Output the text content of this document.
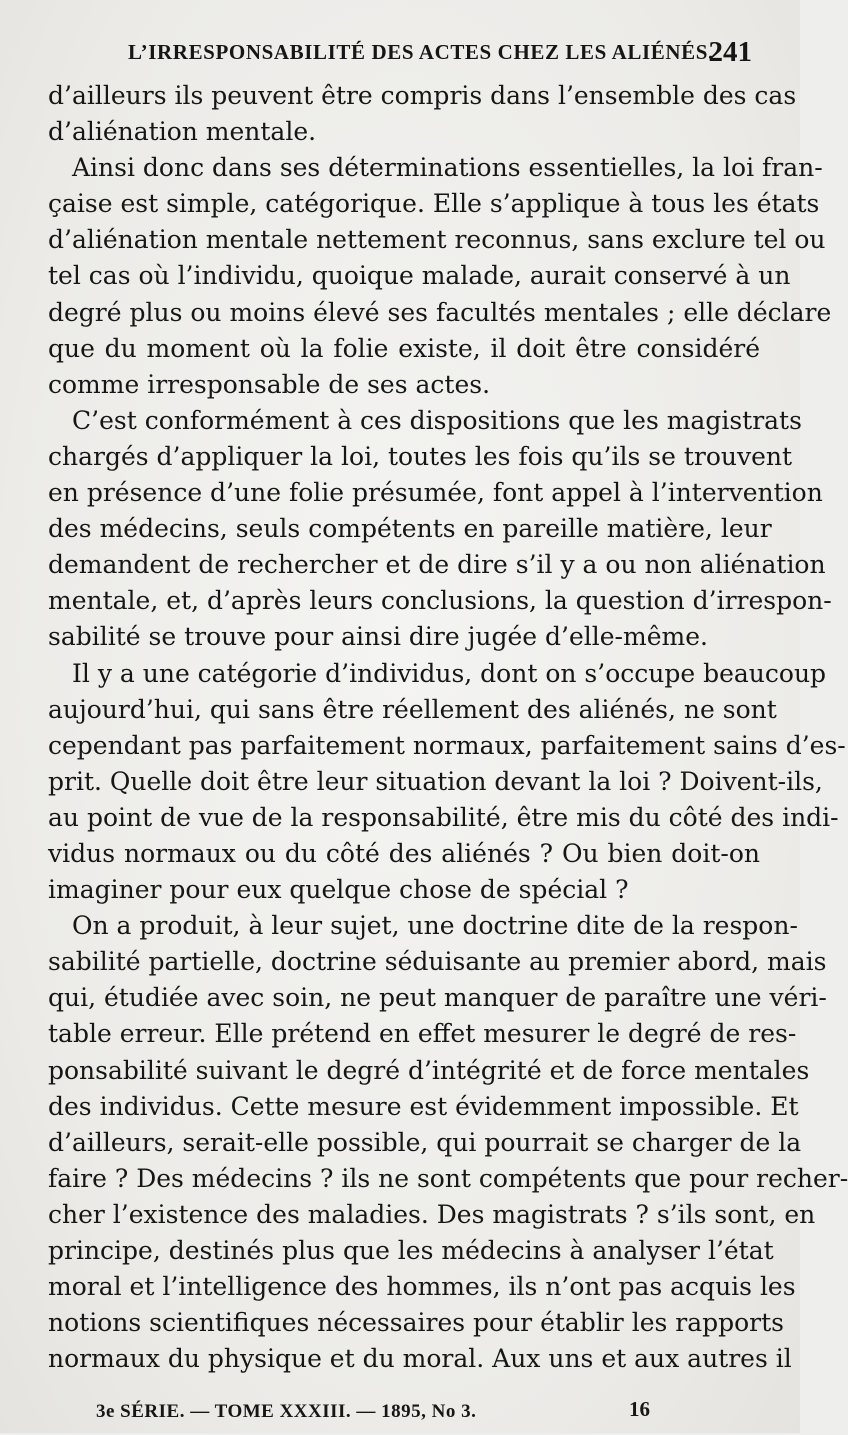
L’IRRESPONSABILITÉ DES ACTES CHEZ LES ALIÉNÉS.
241
d’ailleurs ils peuvent être compris dans l’ensemble des cas
d’aliénation mentale.
Ainsi donc dans ses déterminations essentielles, la loi fran-
çaise est simple, catégorique. Elle s’applique à tous les états
d’aliénation mentale nettement reconnus, sans exclure tel ou
tel cas où l’individu, quoique malade, aurait conservé à un
degré plus ou moins élevé ses facultés mentales ; elle déclare
que du moment où la folie existe, il doit être considéré
comme irresponsable de ses actes.
C’est conformément à ces dispositions que les magistrats
chargés d’appliquer la loi, toutes les fois qu’ils se trouvent
en présence d’une folie présumée, font appel à l’intervention
des médecins, seuls compétents en pareille matière, leur
demandent de rechercher et de dire s’il y a ou non aliénation
mentale, et, d’après leurs conclusions, la question d’irrespon-
sabilité se trouve pour ainsi dire jugée d’elle-même.
Il y a une catégorie d’individus, dont on s’occupe beaucoup
aujourd’hui, qui sans être réellement des aliénés, ne sont
cependant pas parfaitement normaux, parfaitement sains d’es-
prit. Quelle doit être leur situation devant la loi ? Doivent-ils,
au point de vue de la responsabilité, être mis du côté des indi-
vidus normaux ou du côté des aliénés ? Ou bien doit-on
imaginer pour eux quelque chose de spécial ?
On a produit, à leur sujet, une doctrine dite de la respon-
sabilité partielle, doctrine séduisante au premier abord, mais
qui, étudiée avec soin, ne peut manquer de paraître une véri-
table erreur. Elle prétend en effet mesurer le degré de res-
ponsabilité suivant le degré d’intégrité et de force mentales
des individus. Cette mesure est évidemment impossible. Et
d’ailleurs, serait-elle possible, qui pourrait se charger de la
faire ? Des médecins ? ils ne sont compétents que pour recher-
cher l’existence des maladies. Des magistrats ? s’ils sont, en
principe, destinés plus que les médecins à analyser l’état
moral et l’intelligence des hommes, ils n’ont pas acquis les
notions scientifiques nécessaires pour établir les rapports
normaux du physique et du moral. Aux uns et aux autres il
3e SÉRIE. — TOME XXXIII. — 1895, No 3.	16
